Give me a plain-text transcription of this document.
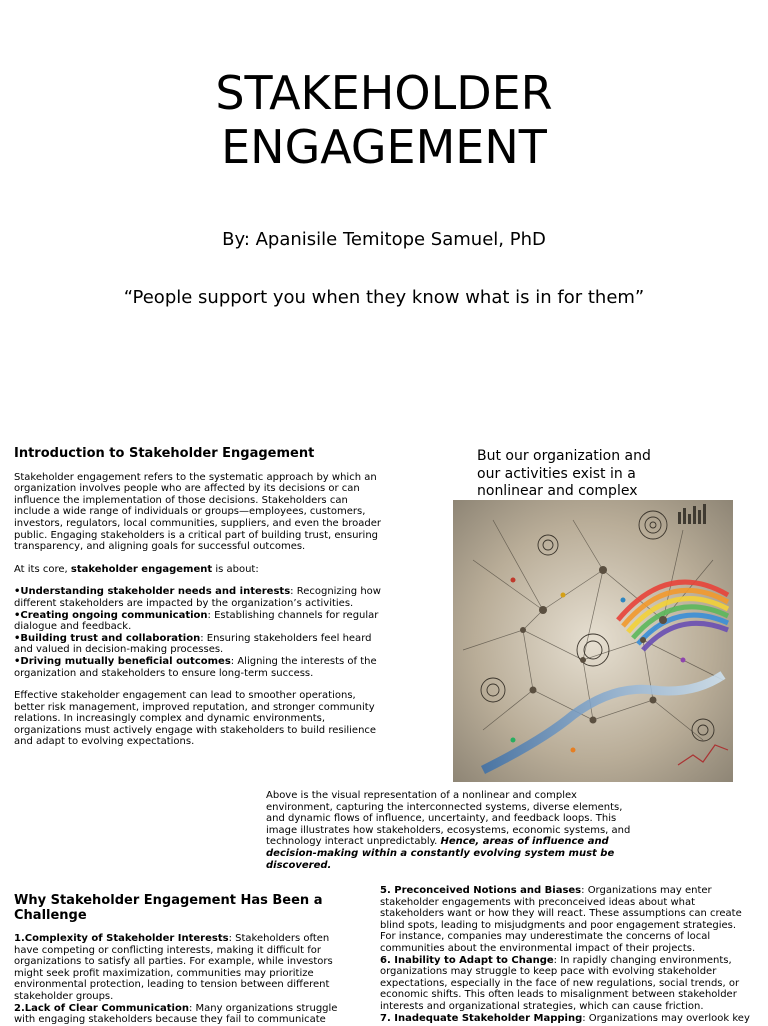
STAKEHOLDER
ENGAGEMENT
By: Apanisile Temitope Samuel, PhD
“People support you when they know what is in for them”
Introduction to Stakeholder Engagement

Stakeholder engagement refers to the systematic approach by which an organization involves people who are affected by its decisions or can influence the implementation of those decisions. Stakeholders can include a wide range of individuals or groups—employees, customers, investors, regulators, local communities, suppliers, and even the broader public. Engaging stakeholders is a critical part of building trust, ensuring transparency, and aligning goals for successful outcomes.

At its core, stakeholder engagement is about:

•Understanding stakeholder needs and interests: Recognizing how different stakeholders are impacted by the organization’s activities.

•Creating ongoing communication: Establishing channels for regular dialogue and feedback.

•Building trust and collaboration: Ensuring stakeholders feel heard and valued in decision-making processes.

•Driving mutually beneficial outcomes: Aligning the interests of the organization and stakeholders to ensure long-term success.

Effective stakeholder engagement can lead to smoother operations, better risk management, improved reputation, and stronger community relations. In increasingly complex and dynamic environments, organizations must actively engage with stakeholders to build resilience and adapt to evolving expectations.

But our organization and our activities exist in a nonlinear and complex
Above is the visual representation of a nonlinear and complex environment, capturing the interconnected systems, diverse elements, and dynamic flows of influence, uncertainty, and feedback loops. This image illustrates how stakeholders, ecosystems, economic systems, and technology interact unpredictably. Hence, areas of influence and decision-making within a constantly evolving system must be discovered.
Why Stakeholder Engagement Has Been a Challenge

1.Complexity of Stakeholder Interests: Stakeholders often have competing or conflicting interests, making it difficult for organizations to satisfy all parties. For example, while investors might seek profit maximization, communities may prioritize environmental protection, leading to tension between different stakeholder groups.

2.Lack of Clear Communication: Many organizations struggle with engaging stakeholders because they fail to communicate

5. Preconceived Notions and Biases: Organizations may enter stakeholder engagements with preconceived ideas about what stakeholders want or how they will react. These assumptions can create blind spots, leading to misjudgments and poor engagement strategies. For instance, companies may underestimate the concerns of local communities about the environmental impact of their projects.

6. Inability to Adapt to Change: In rapidly changing environments, organizations may struggle to keep pace with evolving stakeholder expectations, especially in the face of new regulations, social trends, or economic shifts. This often leads to misalignment between stakeholder interests and organizational strategies, which can cause friction.

7. Inadequate Stakeholder Mapping: Organizations may overlook key
